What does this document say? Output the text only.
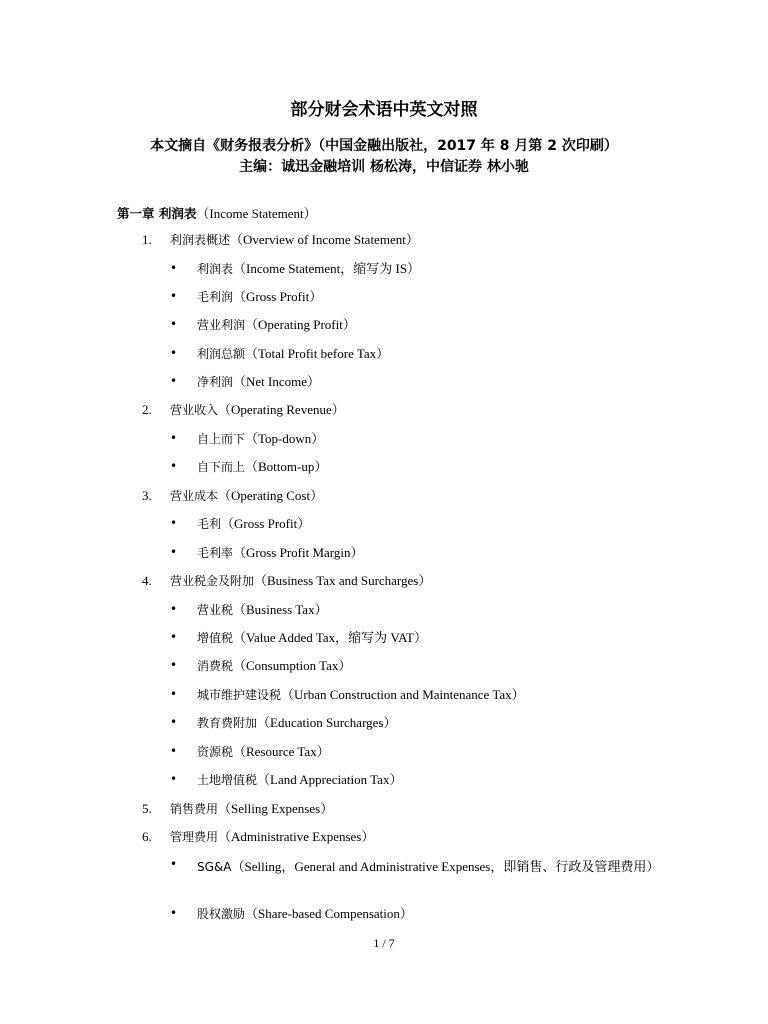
部分财会术语中英文对照
本文摘自《财务报表分析》（中国金融出版社，2017 年 8 月第 2 次印刷）
主编：诚迅金融培训 杨松涛，中信证券 林小驰
第一章 利润表（Income Statement）
1.	利润表概述（Overview of Income Statement）
• 利润表（Income Statement，缩写为 IS）
• 毛利润（Gross Profit）
• 营业利润（Operating Profit）
• 利润总额（Total Profit before Tax）
• 净利润（Net Income）
2.	营业收入（Operating Revenue）
• 自上而下（Top-down）
• 自下而上（Bottom-up）
3.	营业成本（Operating Cost）
• 毛利（Gross Profit）
• 毛利率（Gross Profit Margin）
4.	营业税金及附加（Business Tax and Surcharges）
• 营业税（Business Tax）
• 增值税（Value Added Tax，缩写为 VAT）
• 消费税（Consumption Tax）
• 城市维护建设税（Urban Construction and Maintenance Tax）
• 教育费附加（Education Surcharges）
• 资源税（Resource Tax）
• 土地增值税（Land Appreciation Tax）
5.	销售费用（Selling Expenses）
6.	管理费用（Administrative Expenses）
• SG&A（Selling，General and Administrative Expenses，即销售、行政及管理费用）
• 股权激励（Share-based Compensation）
1 / 7
